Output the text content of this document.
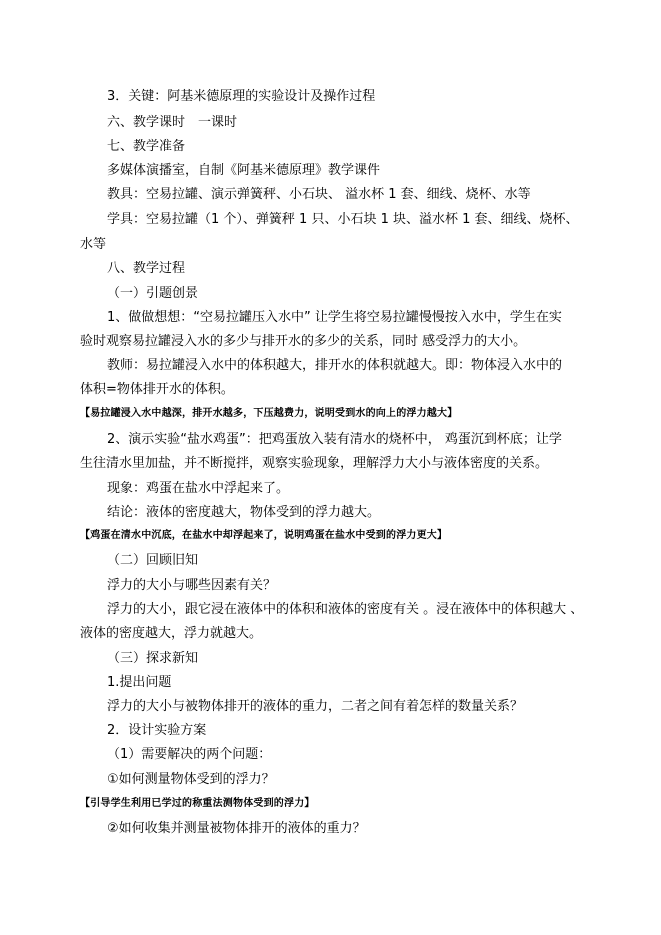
3．关键：阿基米德原理的实验设计及操作过程
六、教学课时　一课时
七、教学准备
多媒体演播室，自制《阿基米德原理》教学课件
教具：空易拉罐、演示弹簧秤、小石块、 溢水杯 1 套、细线、烧杯、水等
学具：空易拉罐（1 个）、弹簧秤 1 只、小石块 1 块、溢水杯 1 套、细线、烧杯、
水等
八、教学过程
（一）引题创景
1、做做想想：“空易拉罐压入水中” 让学生将空易拉罐慢慢按入水中，学生在实
验时观察易拉罐浸入水的多少与排开水的多少的关系，同时 感受浮力的大小。
教师：易拉罐浸入水中的体积越大，排开水的体积就越大。即：物体浸入水中的
体积=物体排开水的体积。
【易拉罐浸入水中越深，排开水越多，下压越费力，说明受到水的向上的浮力越大】
2、演示实验“盐水鸡蛋”：把鸡蛋放入装有清水的烧杯中， 鸡蛋沉到杯底；让学
生往清水里加盐，并不断搅拌，观察实验现象，理解浮力大小与液体密度的关系。
现象：鸡蛋在盐水中浮起来了。
结论：液体的密度越大，物体受到的浮力越大。
【鸡蛋在清水中沉底，在盐水中却浮起来了，说明鸡蛋在盐水中受到的浮力更大】
（二）回顾旧知
浮力的大小与哪些因素有关？
浮力的大小，跟它浸在液体中的体积和液体的密度有关 。浸在液体中的体积越大 、
液体的密度越大，浮力就越大。
（三）探求新知
1.提出问题
浮力的大小与被物体排开的液体的重力，二者之间有着怎样的数量关系？
2．设计实验方案
（1）需要解决的两个问题：
①如何测量物体受到的浮力？
【引导学生利用已学过的称重法测物体受到的浮力】
②如何收集并测量被物体排开的液体的重力？
